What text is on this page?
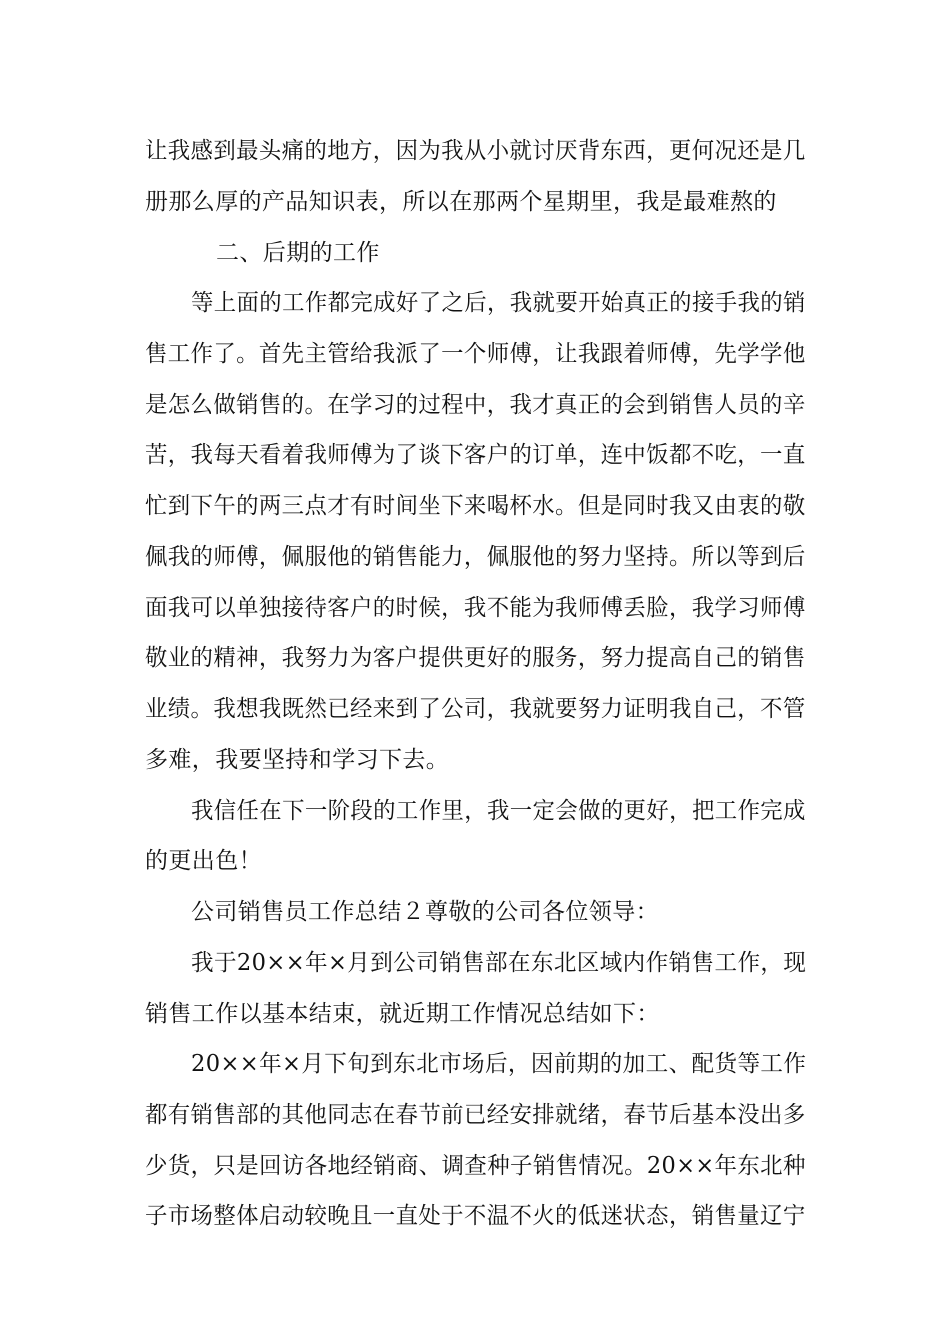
让我感到最头痛的地方，因为我从小就讨厌背东西，更何况还是几
册那么厚的产品知识表，所以在那两个星期里，我是最难熬的
二、后期的工作
等上面的工作都完成好了之后，我就要开始真正的接手我的销
售工作了。首先主管给我派了一个师傅，让我跟着师傅，先学学他
是怎么做销售的。在学习的过程中，我才真正的会到销售人员的辛
苦，我每天看着我师傅为了谈下客户的订单，连中饭都不吃，一直
忙到下午的两三点才有时间坐下来喝杯水。但是同时我又由衷的敬
佩我的师傅，佩服他的销售能力，佩服他的努力坚持。所以等到后
面我可以单独接待客户的时候，我不能为我师傅丢脸，我学习师傅
敬业的精神，我努力为客户提供更好的服务，努力提高自己的销售
业绩。我想我既然已经来到了公司，我就要努力证明我自己，不管
多难，我要坚持和学习下去。
我信任在下一阶段的工作里，我一定会做的更好，把工作完成
的更出色！
公司销售员工作总结２尊敬的公司各位领导：
我于20××年×月到公司销售部在东北区域内作销售工作，现
销售工作以基本结束，就近期工作情况总结如下：
20××年×月下旬到东北市场后，因前期的加工、配货等工作
都有销售部的其他同志在春节前已经安排就绪，春节后基本没出多
少货，只是回访各地经销商、调查种子销售情况。20××年东北种
子市场整体启动较晚且一直处于不温不火的低迷状态，销售量辽宁
